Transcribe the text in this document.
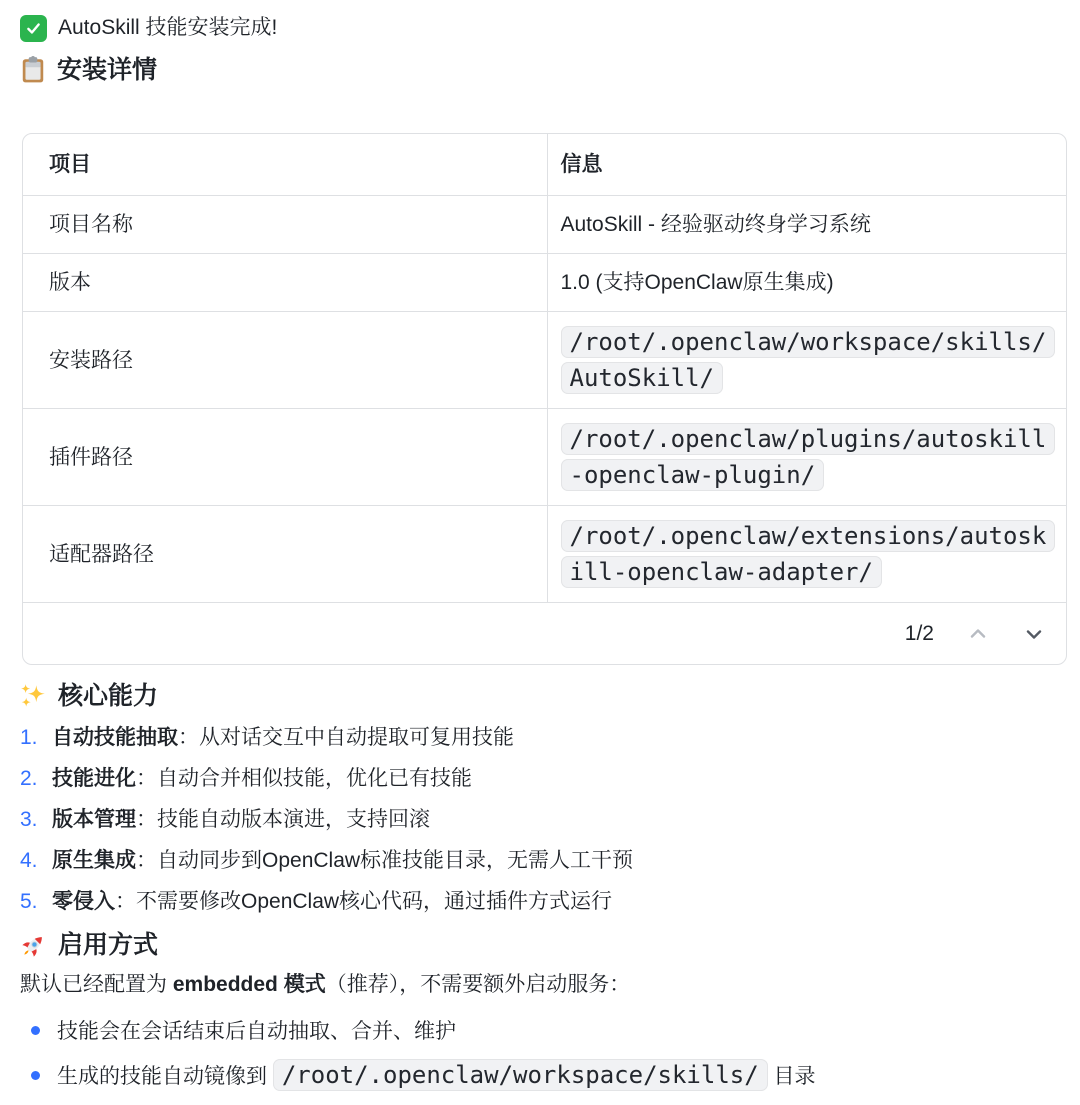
AutoSkill 技能安装完成!
安装详情
项目	信息
项目名称	AutoSkill - 经验驱动终身学习系统
版本	1.0 (支持OpenClaw原生集成)
安装路径	/root/.openclaw/workspace/skills/AutoSkill/
插件路径	/root/.openclaw/plugins/autoskill-openclaw-plugin/
适配器路径	/root/.openclaw/extensions/autoskill-openclaw-adapter/

1/2	
核心能力
1. 自动技能抽取：从对话交互中自动提取可复用技能
2. 技能进化：自动合并相似技能，优化已有技能
3. 版本管理：技能自动版本演进，支持回滚
4. 原生集成：自动同步到OpenClaw标准技能目录，无需人工干预
5. 零侵入：不需要修改OpenClaw核心代码，通过插件方式运行
启用方式

默认已经配置为 embedded 模式（推荐），不需要额外启动服务：

技能会在会话结束后自动抽取、合并、维护
生成的技能自动镜像到 /root/.openclaw/workspace/skills/ 目录
